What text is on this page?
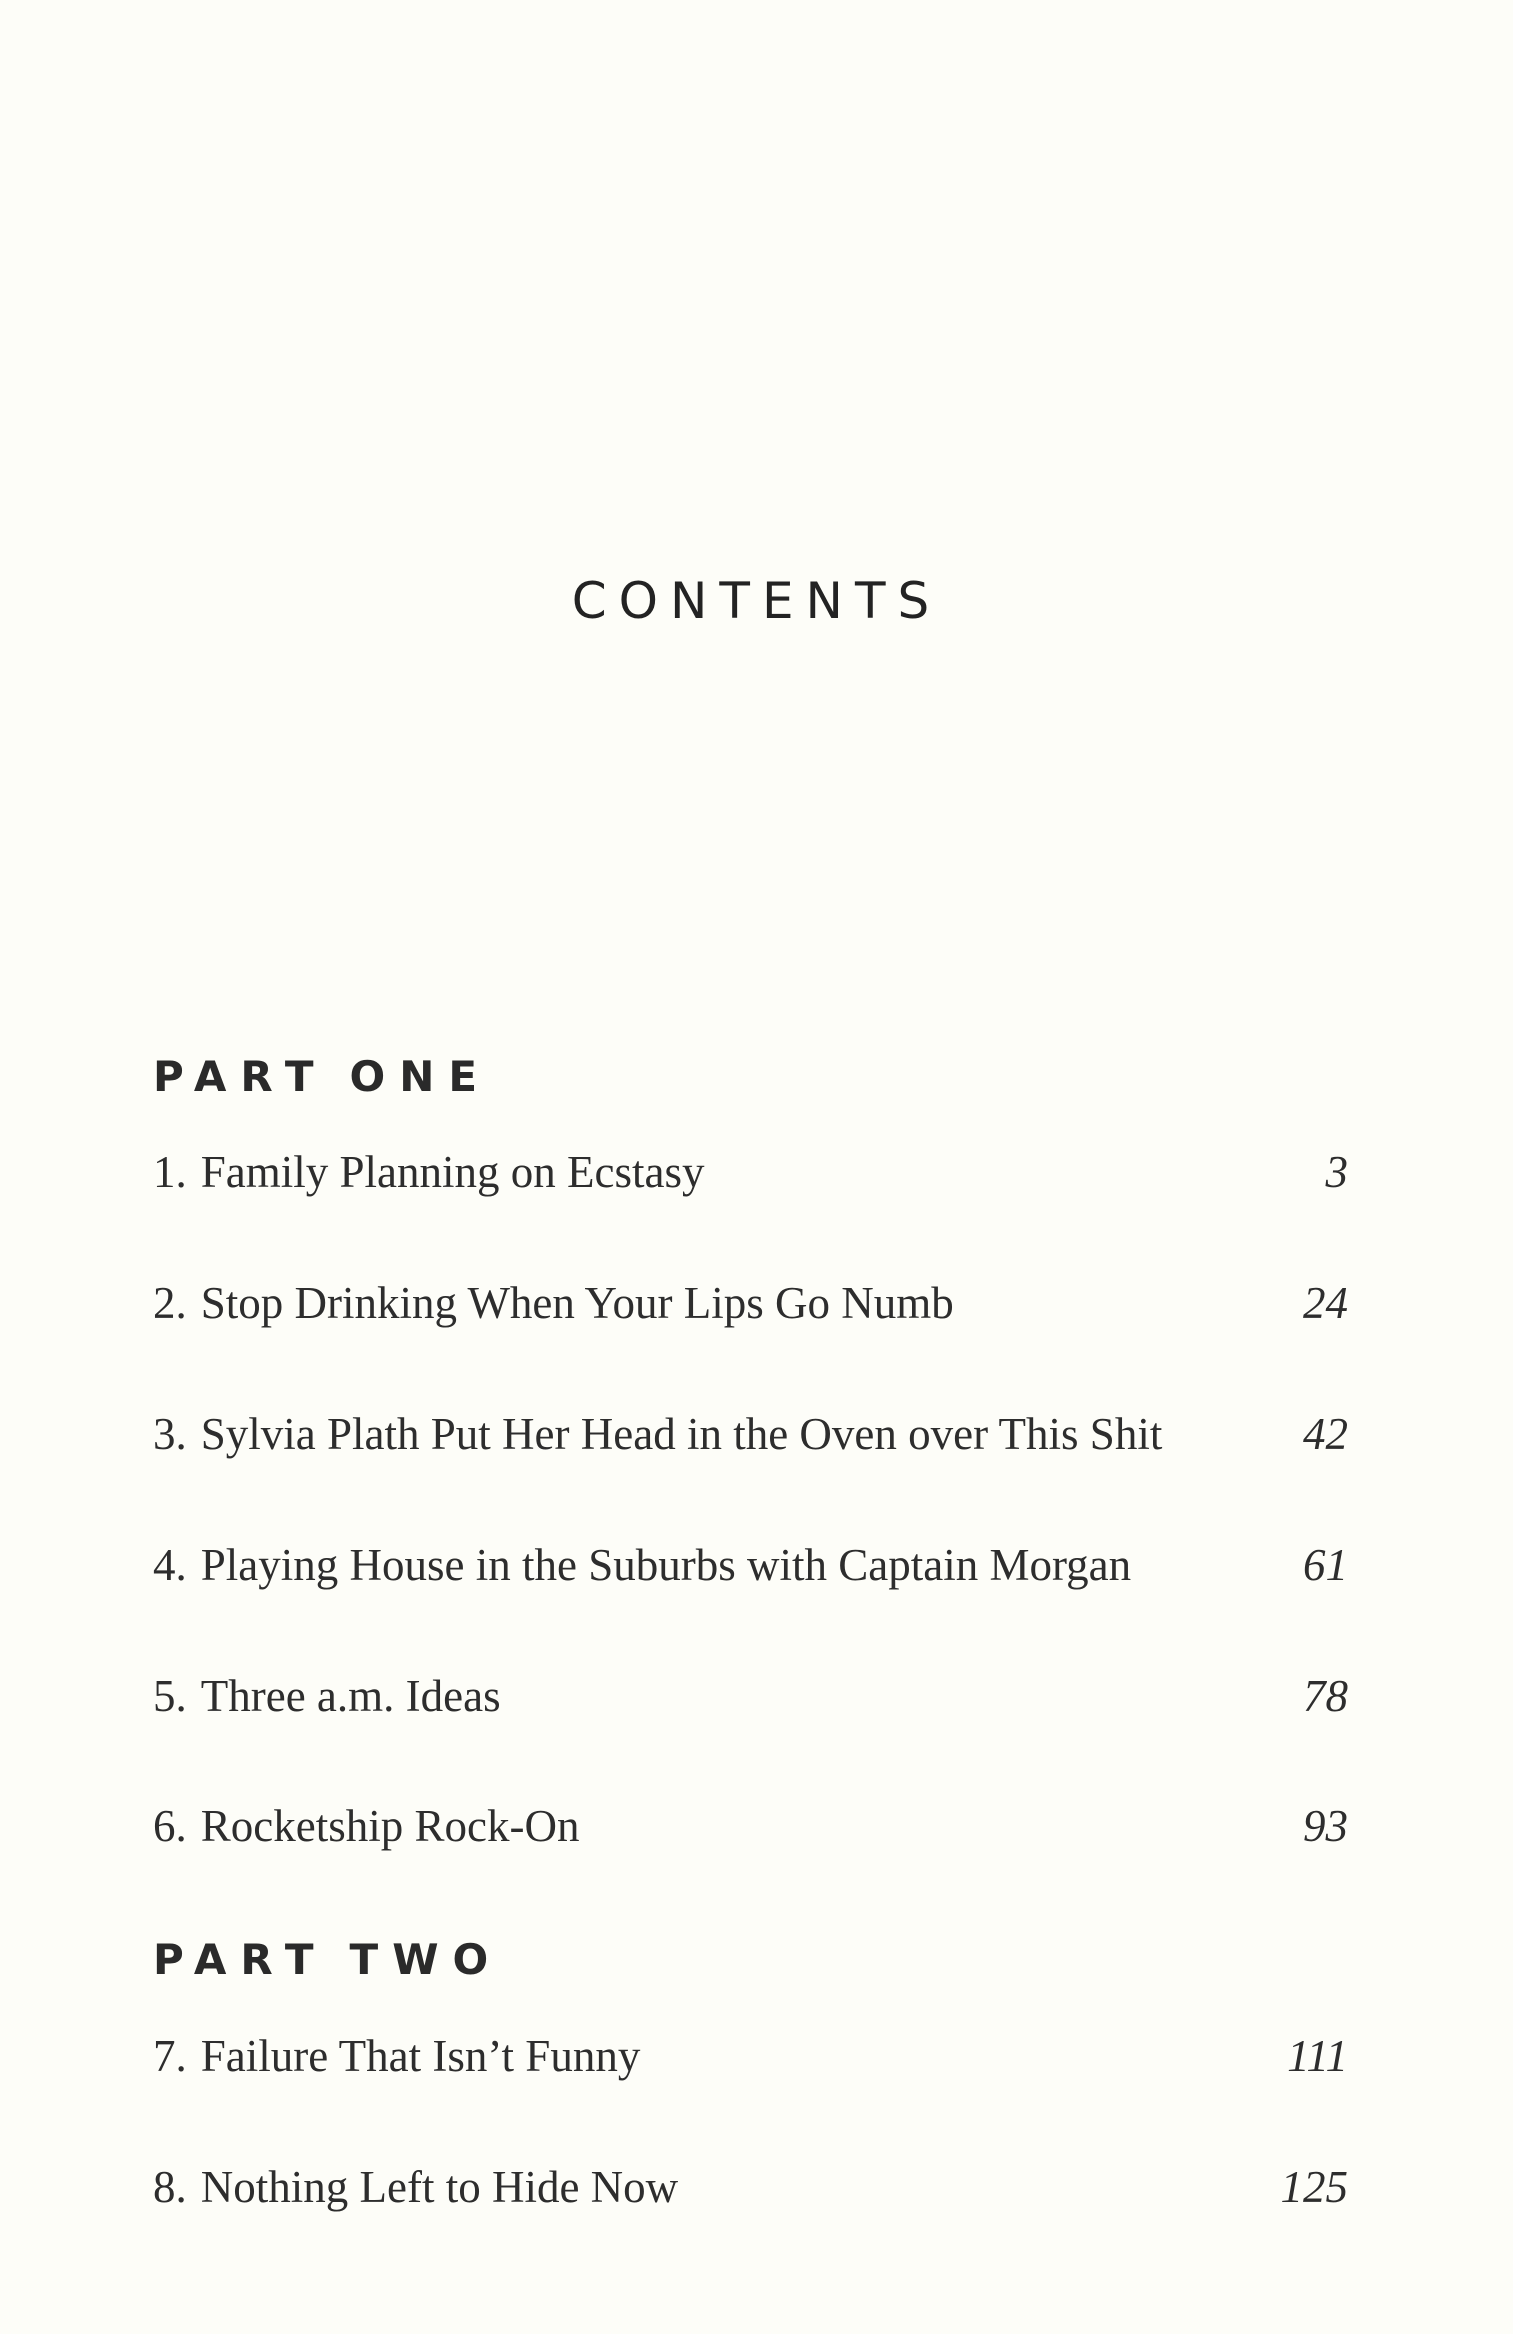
CONTENTS
PART ONE
1. Family Planning on Ecstasy	3
2. Stop Drinking When Your Lips Go Numb	24
3. Sylvia Plath Put Her Head in the Oven over This Shit	42
4. Playing House in the Suburbs with Captain Morgan	61
5. Three a.m. Ideas	78
6. Rocketship Rock-On	93
PART TWO
7. Failure That Isn’t Funny	111
8. Nothing Left to Hide Now	125
